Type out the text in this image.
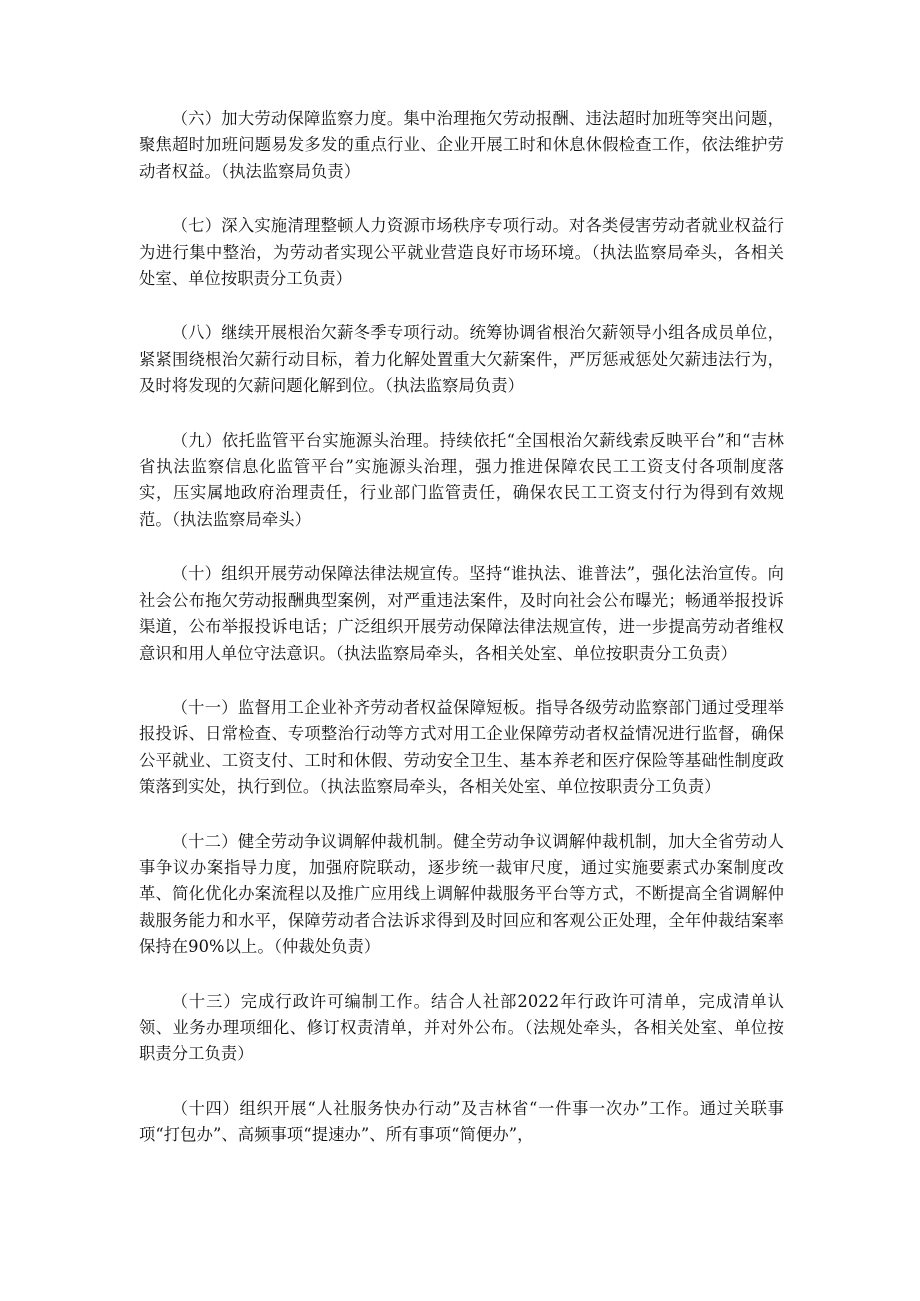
（六）加大劳动保障监察力度。集中治理拖欠劳动报酬、违法超时加班等突出问题，聚焦超时加班问题易发多发的重点行业、企业开展工时和休息休假检查工作，依法维护劳动者权益。（执法监察局负责）

（七）深入实施清理整顿人力资源市场秩序专项行动。对各类侵害劳动者就业权益行为进行集中整治，为劳动者实现公平就业营造良好市场环境。（执法监察局牵头，各相关处室、单位按职责分工负责）

（八）继续开展根治欠薪冬季专项行动。统筹协调省根治欠薪领导小组各成员单位，紧紧围绕根治欠薪行动目标，着力化解处置重大欠薪案件，严厉惩戒惩处欠薪违法行为，及时将发现的欠薪问题化解到位。（执法监察局负责）

（九）依托监管平台实施源头治理。持续依托“全国根治欠薪线索反映平台”和“吉林省执法监察信息化监管平台”实施源头治理，强力推进保障农民工工资支付各项制度落实，压实属地政府治理责任，行业部门监管责任，确保农民工工资支付行为得到有效规范。（执法监察局牵头）

（十）组织开展劳动保障法律法规宣传。坚持“谁执法、谁普法”，强化法治宣传。向社会公布拖欠劳动报酬典型案例，对严重违法案件，及时向社会公布曝光；畅通举报投诉渠道，公布举报投诉电话；广泛组织开展劳动保障法律法规宣传，进一步提高劳动者维权意识和用人单位守法意识。（执法监察局牵头，各相关处室、单位按职责分工负责）

（十一）监督用工企业补齐劳动者权益保障短板。指导各级劳动监察部门通过受理举报投诉、日常检查、专项整治行动等方式对用工企业保障劳动者权益情况进行监督，确保公平就业、工资支付、工时和休假、劳动安全卫生、基本养老和医疗保险等基础性制度政策落到实处，执行到位。（执法监察局牵头，各相关处室、单位按职责分工负责）

（十二）健全劳动争议调解仲裁机制。健全劳动争议调解仲裁机制，加大全省劳动人事争议办案指导力度，加强府院联动，逐步统一裁审尺度，通过实施要素式办案制度改革、简化优化办案流程以及推广应用线上调解仲裁服务平台等方式，不断提高全省调解仲裁服务能力和水平，保障劳动者合法诉求得到及时回应和客观公正处理，全年仲裁结案率保持在90%以上。（仲裁处负责）

（十三）完成行政许可编制工作。结合人社部2022年行政许可清单，完成清单认领、业务办理项细化、修订权责清单，并对外公布。（法规处牵头，各相关处室、单位按职责分工负责）

（十四）组织开展“人社服务快办行动”及吉林省“一件事一次办”工作。通过关联事项“打包办”、高频事项“提速办”、所有事项“简便办”，
